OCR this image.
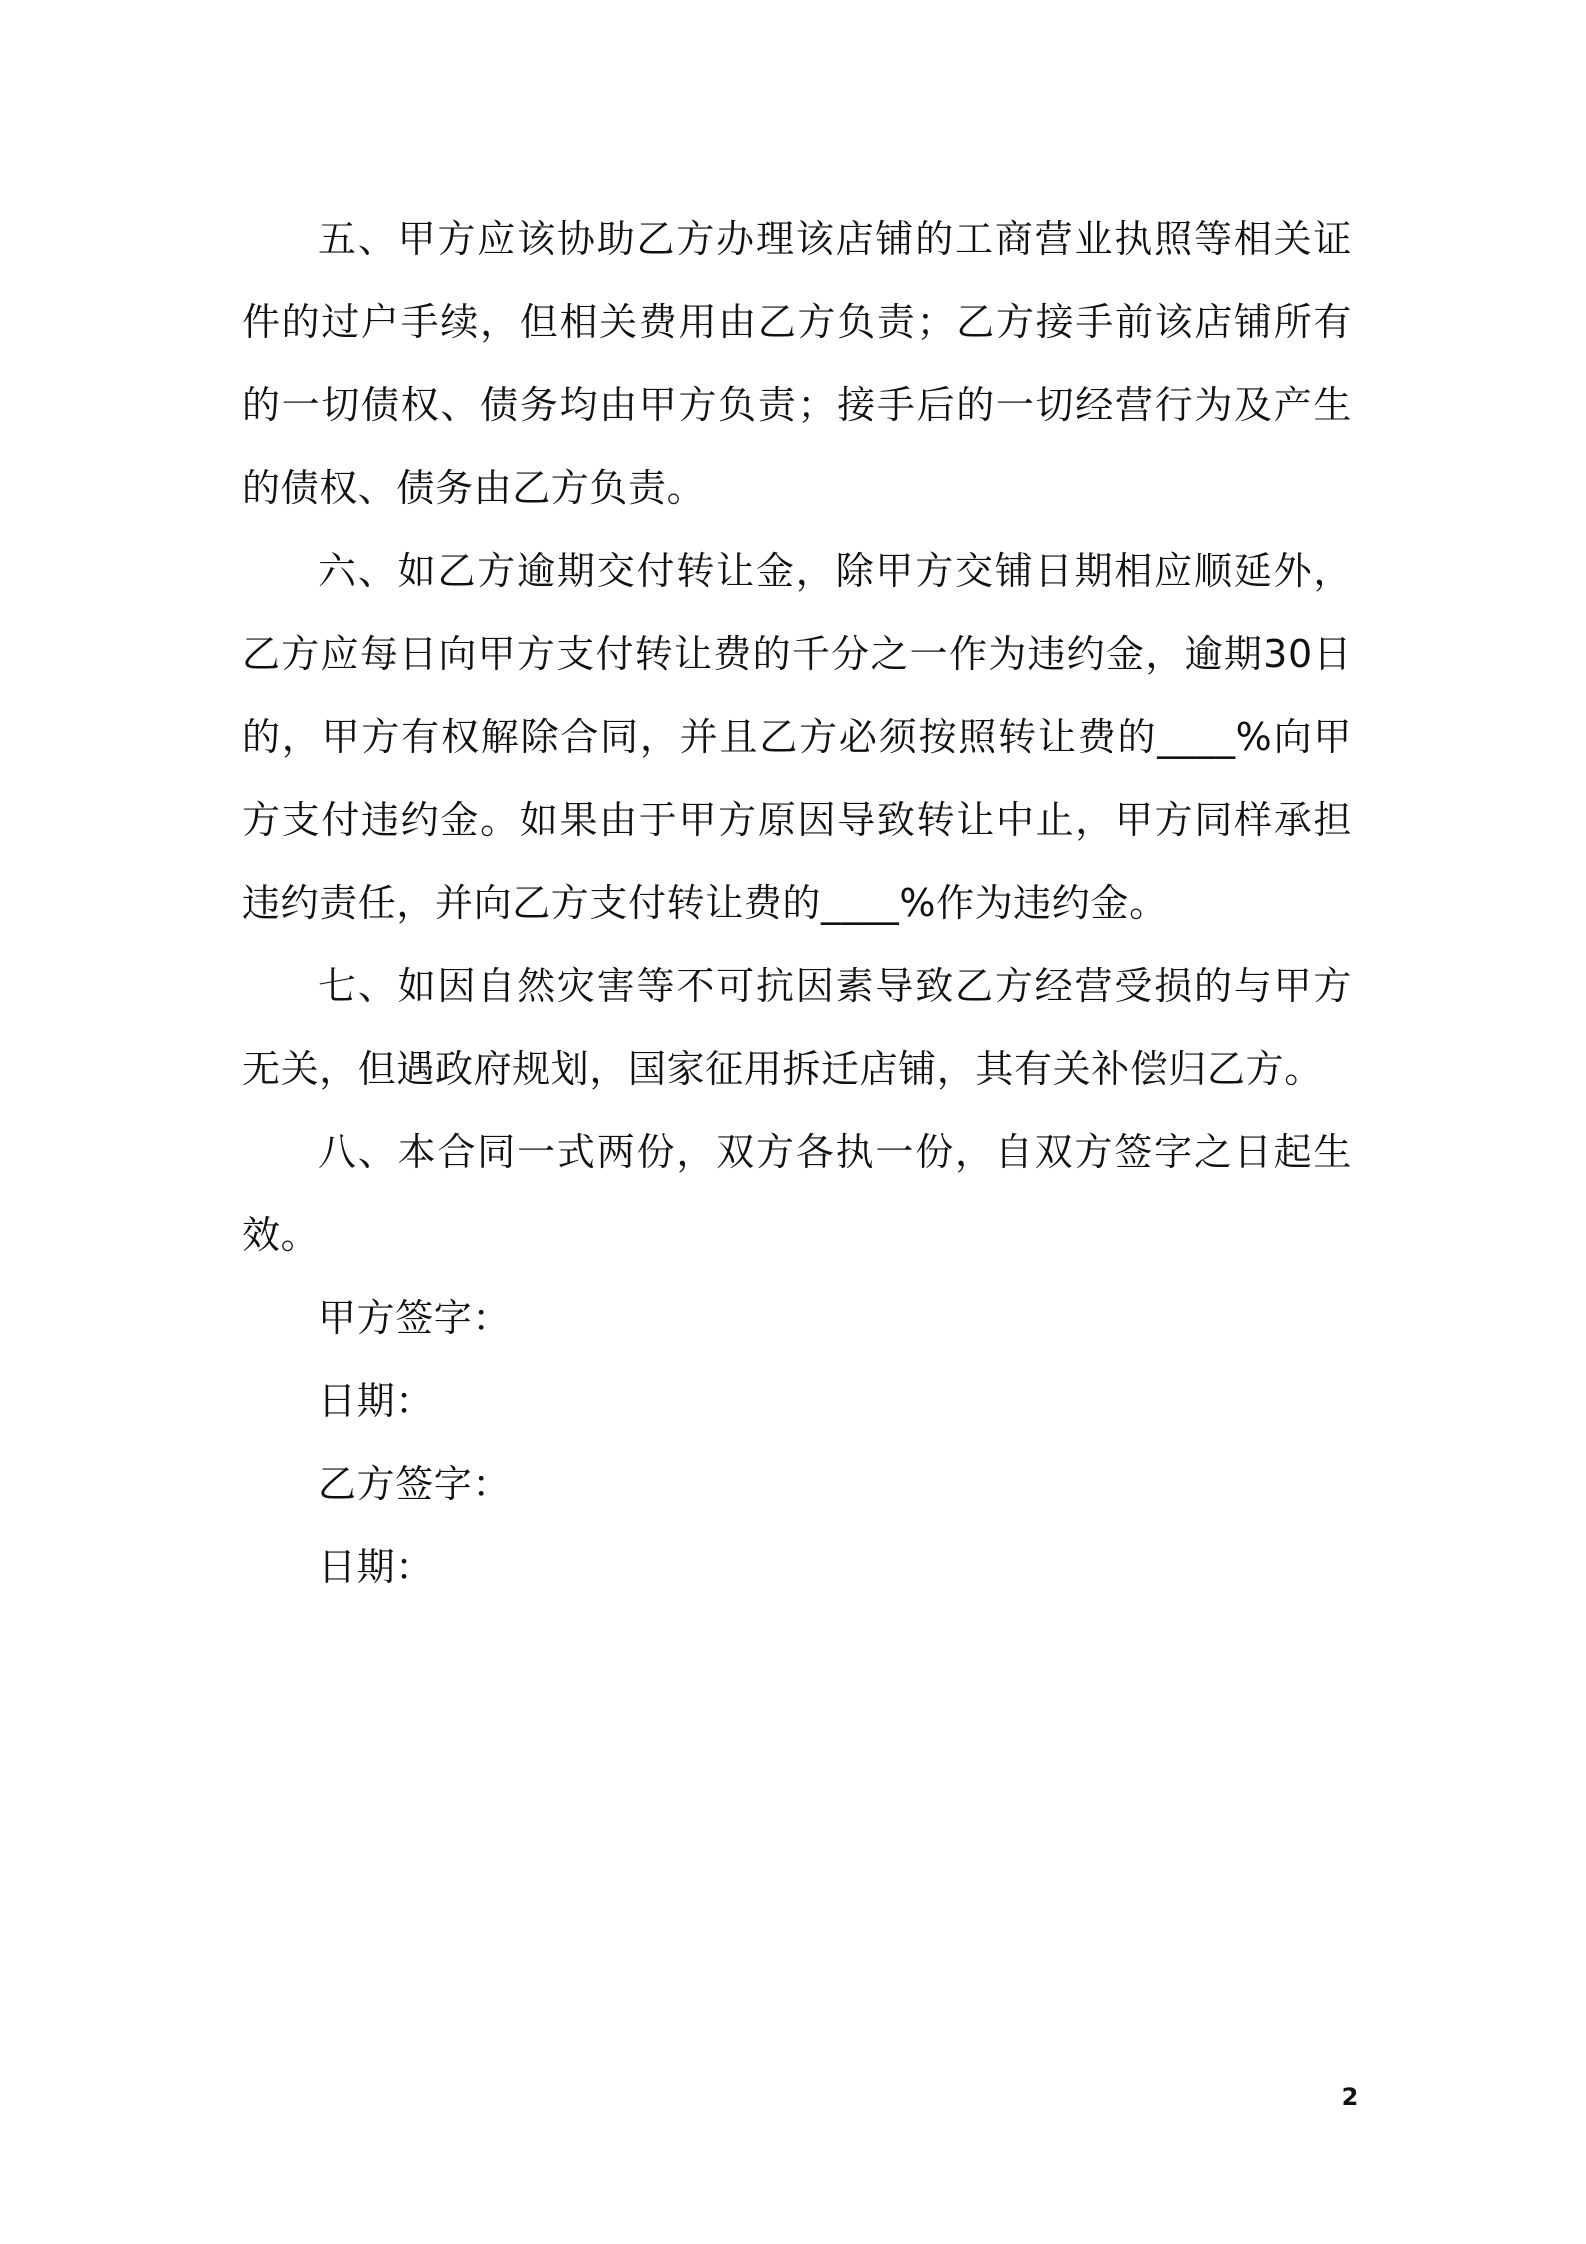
五、甲方应该协助乙方办理该店铺的工商营业执照等相关证件的过户手续，但相关费用由乙方负责；乙方接手前该店铺所有的一切债权、债务均由甲方负责；接手后的一切经营行为及产生的债权、债务由乙方负责。

六、如乙方逾期交付转让金，除甲方交铺日期相应顺延外，乙方应每日向甲方支付转让费的千分之一作为违约金，逾期30日的，甲方有权解除合同，并且乙方必须按照转让费的____%向甲方支付违约金。如果由于甲方原因导致转让中止，甲方同样承担违约责任，并向乙方支付转让费的____%作为违约金。

七、如因自然灾害等不可抗因素导致乙方经营受损的与甲方无关，但遇政府规划，国家征用拆迁店铺，其有关补偿归乙方。

八、本合同一式两份，双方各执一份，自双方签字之日起生效。

甲方签字：

日期：

乙方签字：

日期：

2
